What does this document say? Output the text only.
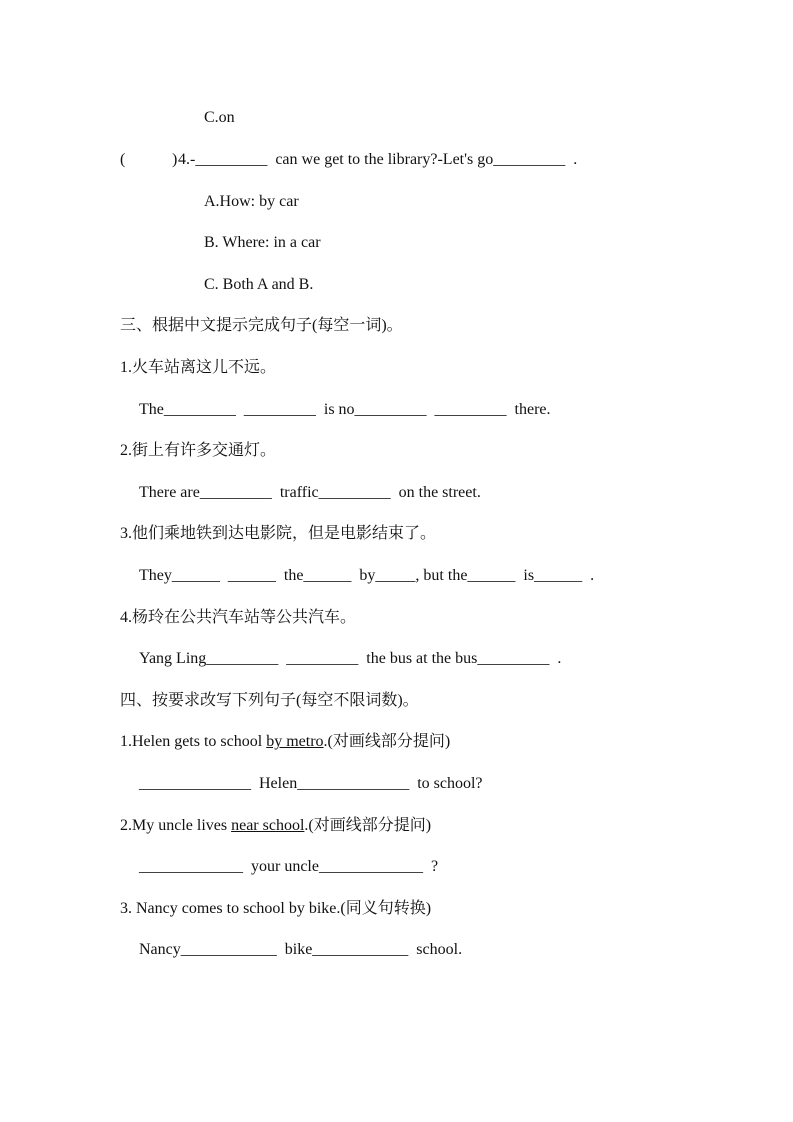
C.on
(	) 4.-_________  can we get to the library?-Let's go_________  .
A.How: by car
B. Where: in a car
C. Both A and B.
三、根据中文提示完成句子(每空一词)。
1.火车站离这儿不远。
The_________  _________  is no_________  _________  there.
2.街上有许多交通灯。
There are_________  traffic_________  on the street.
3.他们乘地铁到达电影院，但是电影结束了。
They______  ______  the______  by_____, but the______  is______  .
4.杨玲在公共汽车站等公共汽车。
Yang Ling_________  _________  the bus at the bus_________  .
四、按要求改写下列句子(每空不限词数)。
1.Helen gets to school by metro.(对画线部分提问)
______________  Helen______________  to school?
2.My uncle lives near school.(对画线部分提问)
_____________  your uncle_____________  ?
3. Nancy comes to school by bike.(同义句转换)
Nancy____________  bike____________  school.
